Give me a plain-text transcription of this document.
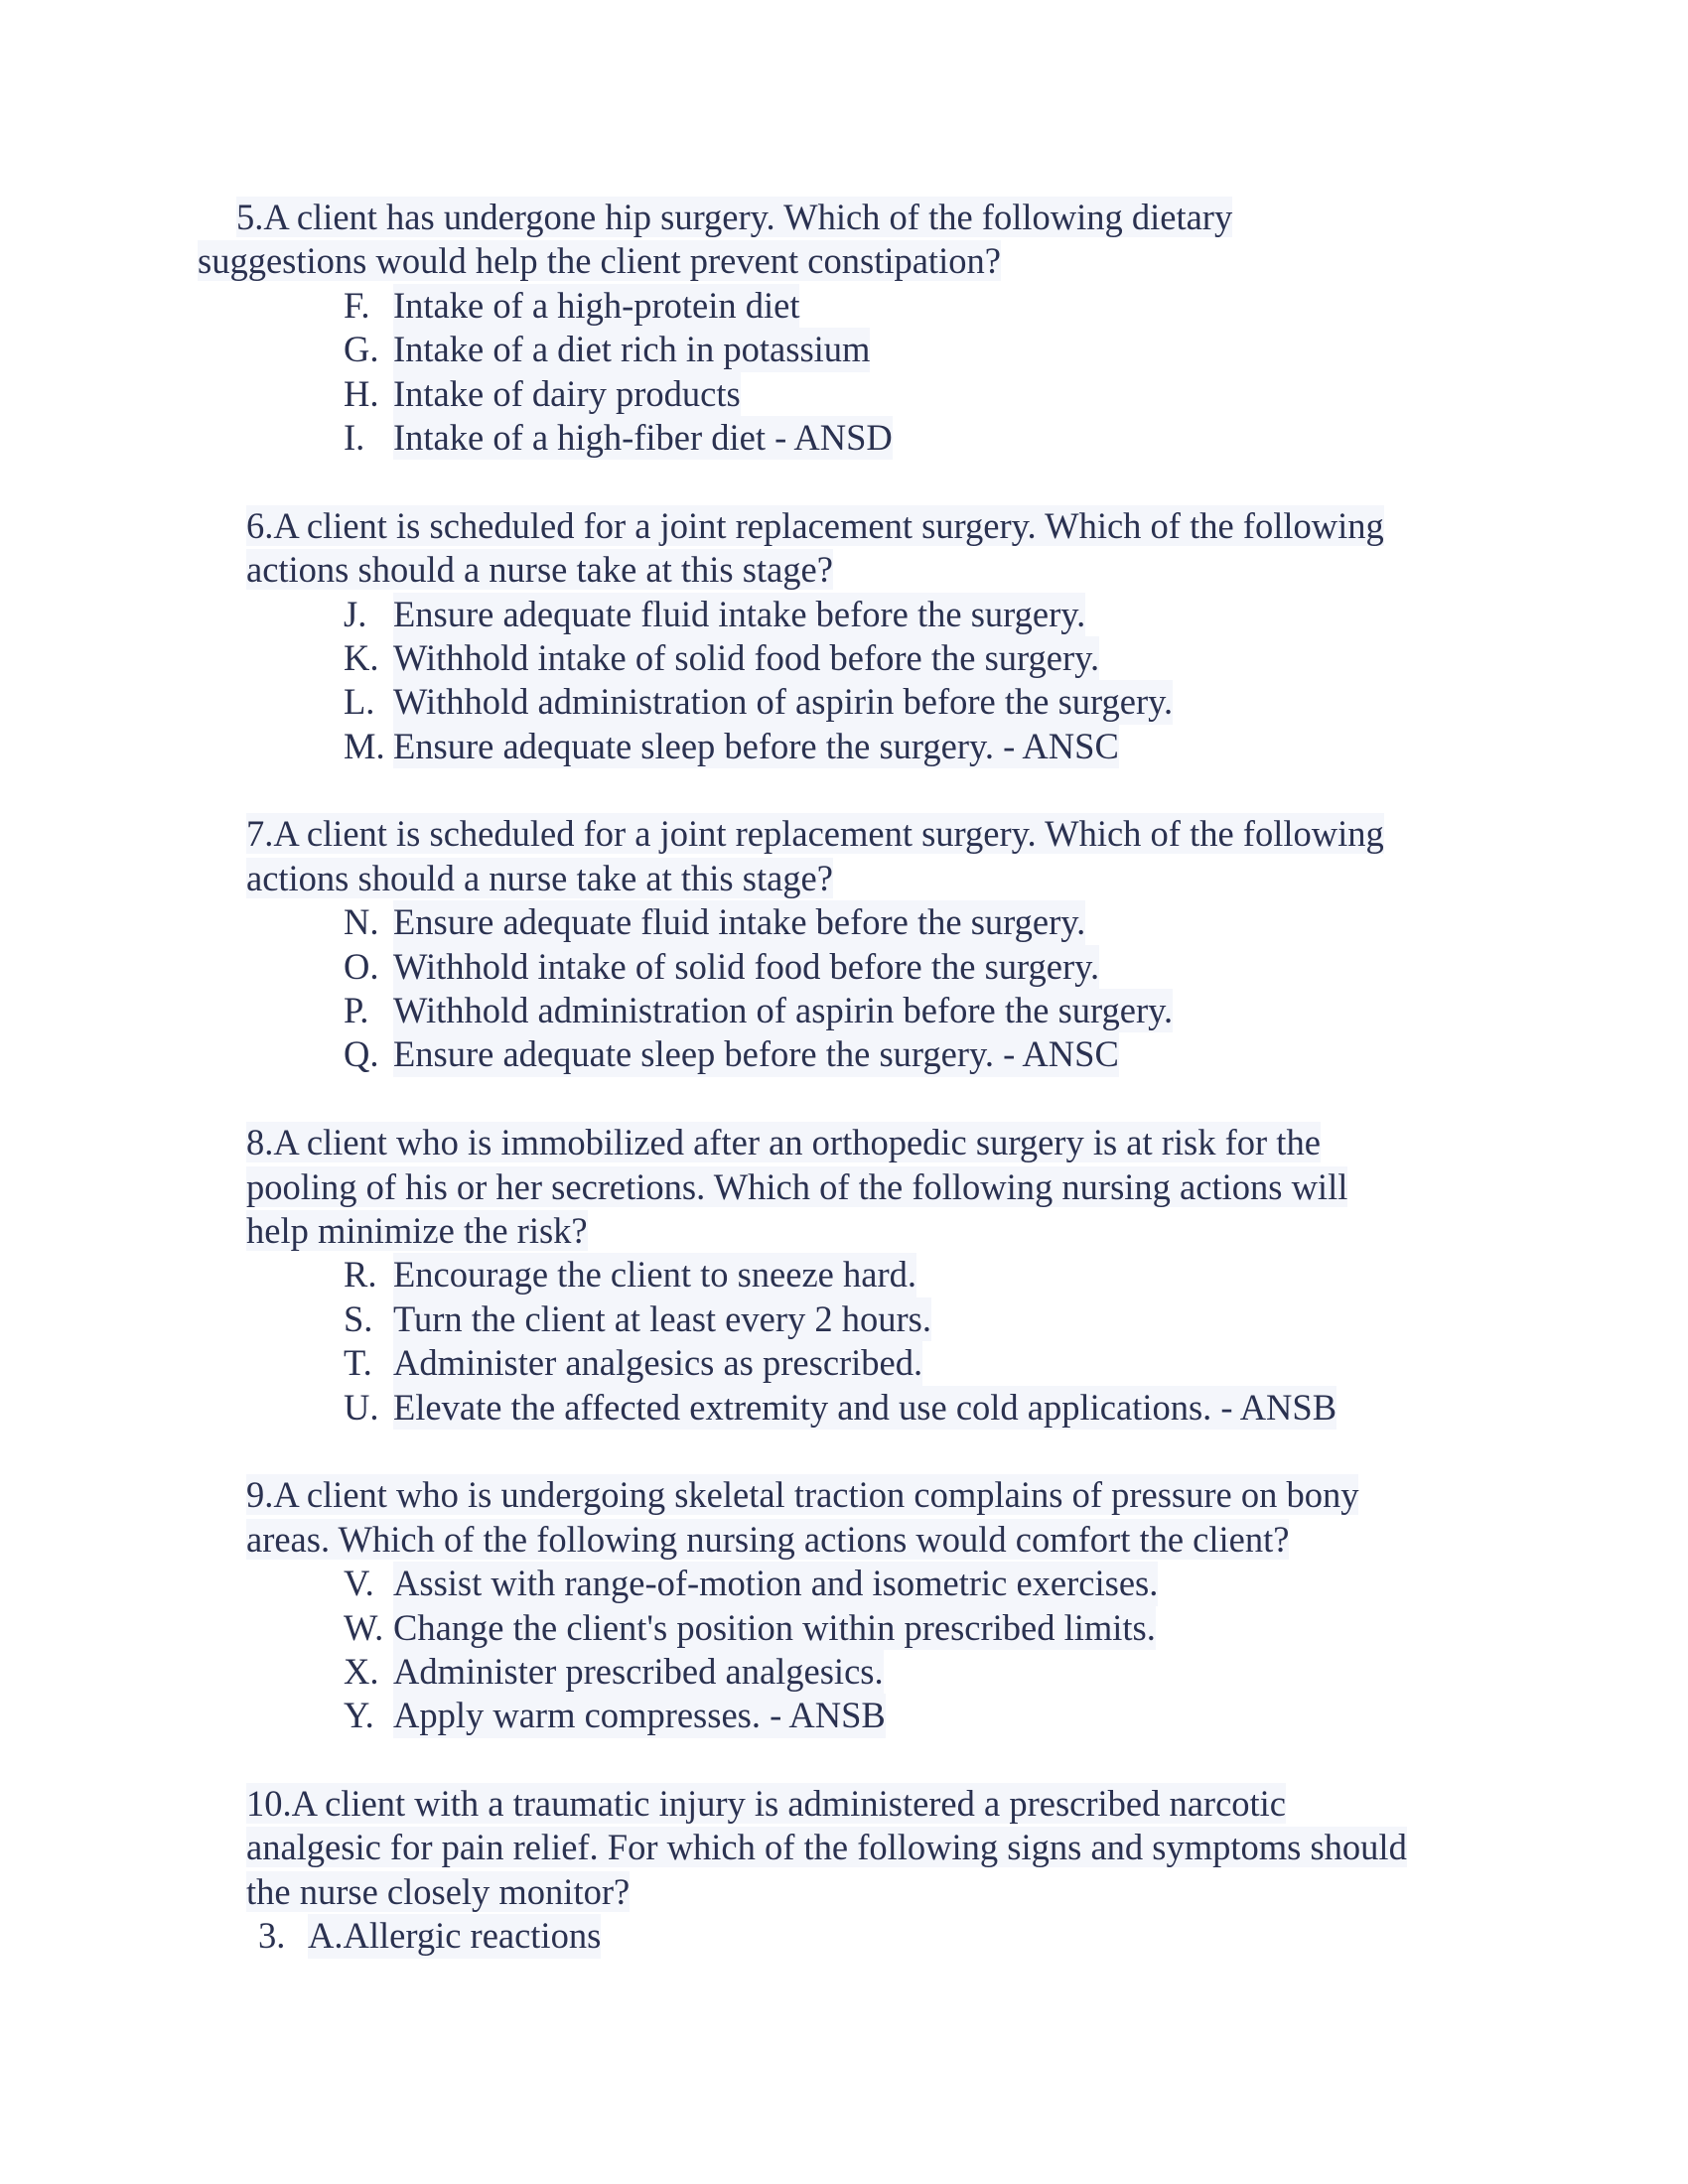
5.A client has undergone hip surgery. Which of the following dietary
suggestions would help the client prevent constipation?
F. Intake of a high-protein diet
G. Intake of a diet rich in potassium
H. Intake of dairy products
I. Intake of a high-fiber diet - ANSD
6.A client is scheduled for a joint replacement surgery. Which of the following
actions should a nurse take at this stage?
J. Ensure adequate fluid intake before the surgery.
K. Withhold intake of solid food before the surgery.
L. Withhold administration of aspirin before the surgery.
M. Ensure adequate sleep before the surgery. - ANSC
7.A client is scheduled for a joint replacement surgery. Which of the following
actions should a nurse take at this stage?
N. Ensure adequate fluid intake before the surgery.
O. Withhold intake of solid food before the surgery.
P. Withhold administration of aspirin before the surgery.
Q. Ensure adequate sleep before the surgery. - ANSC
8.A client who is immobilized after an orthopedic surgery is at risk for the
pooling of his or her secretions. Which of the following nursing actions will
help minimize the risk?
R. Encourage the client to sneeze hard.
S. Turn the client at least every 2 hours.
T. Administer analgesics as prescribed.
U. Elevate the affected extremity and use cold applications. - ANSB
9.A client who is undergoing skeletal traction complains of pressure on bony
areas. Which of the following nursing actions would comfort the client?
V. Assist with range-of-motion and isometric exercises.
W. Change the client's position within prescribed limits.
X. Administer prescribed analgesics.
Y. Apply warm compresses. - ANSB
10.A client with a traumatic injury is administered a prescribed narcotic
analgesic for pain relief. For which of the following signs and symptoms should
the nurse closely monitor?
3. A.Allergic reactions
